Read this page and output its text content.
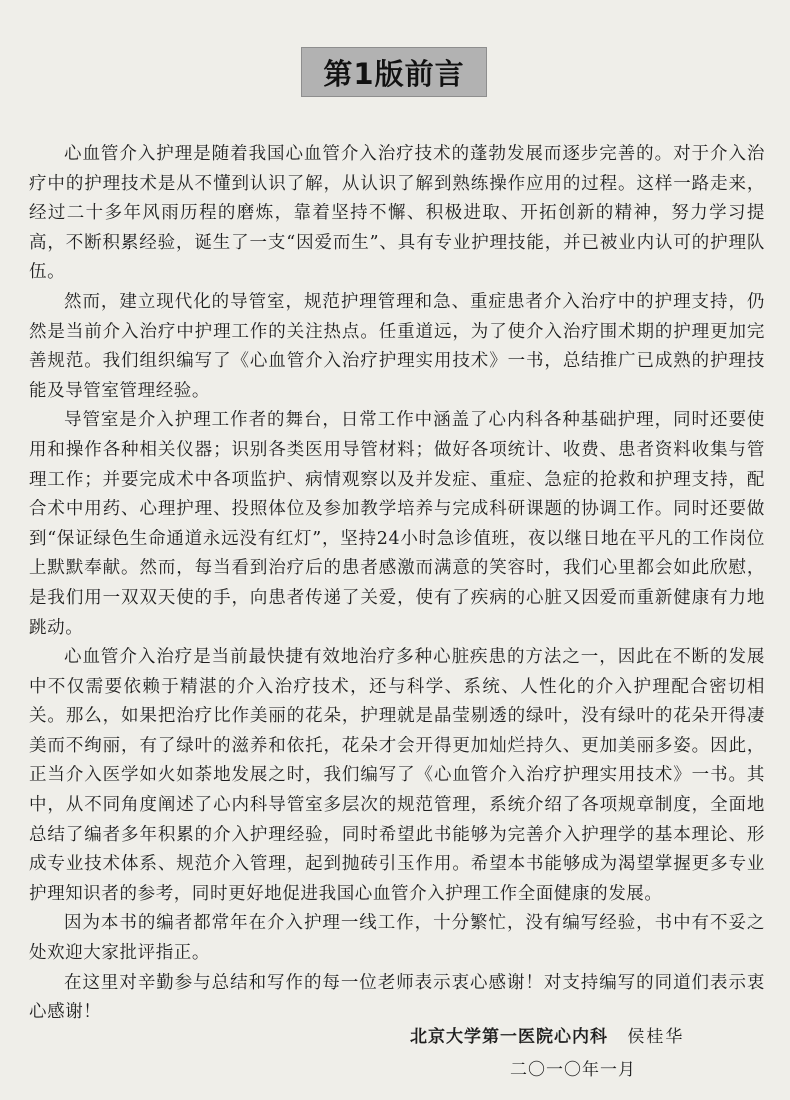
第1版前言

心血管介入护理是随着我国心血管介入治疗技术的蓬勃发展而逐步完善的。对于介入治疗中的护理技术是从不懂到认识了解，从认识了解到熟练操作应用的过程。这样一路走来，经过二十多年风雨历程的磨炼，靠着坚持不懈、积极进取、开拓创新的精神，努力学习提高，不断积累经验，诞生了一支“因爱而生”、具有专业护理技能，并已被业内认可的护理队伍。

然而，建立现代化的导管室，规范护理管理和急、重症患者介入治疗中的护理支持，仍然是当前介入治疗中护理工作的关注热点。任重道远，为了使介入治疗围术期的护理更加完善规范。我们组织编写了《心血管介入治疗护理实用技术》一书，总结推广已成熟的护理技能及导管室管理经验。

导管室是介入护理工作者的舞台，日常工作中涵盖了心内科各种基础护理，同时还要使用和操作各种相关仪器；识别各类医用导管材料；做好各项统计、收费、患者资料收集与管理工作；并要完成术中各项监护、病情观察以及并发症、重症、急症的抢救和护理支持，配合术中用药、心理护理、投照体位及参加教学培养与完成科研课题的协调工作。同时还要做到“保证绿色生命通道永远没有红灯”，坚持24小时急诊值班，夜以继日地在平凡的工作岗位上默默奉献。然而，每当看到治疗后的患者感激而满意的笑容时，我们心里都会如此欣慰，是我们用一双双天使的手，向患者传递了关爱，使有了疾病的心脏又因爱而重新健康有力地跳动。

心血管介入治疗是当前最快捷有效地治疗多种心脏疾患的方法之一，因此在不断的发展中不仅需要依赖于精湛的介入治疗技术，还与科学、系统、人性化的介入护理配合密切相关。那么，如果把治疗比作美丽的花朵，护理就是晶莹剔透的绿叶，没有绿叶的花朵开得凄美而不绚丽，有了绿叶的滋养和依托，花朵才会开得更加灿烂持久、更加美丽多姿。因此，正当介入医学如火如荼地发展之时，我们编写了《心血管介入治疗护理实用技术》一书。其中，从不同角度阐述了心内科导管室多层次的规范管理，系统介绍了各项规章制度，全面地总结了编者多年积累的介入护理经验，同时希望此书能够为完善介入护理学的基本理论、形成专业技术体系、规范介入管理，起到抛砖引玉作用。希望本书能够成为渴望掌握更多专业护理知识者的参考，同时更好地促进我国心血管介入护理工作全面健康的发展。

因为本书的编者都常年在介入护理一线工作，十分繁忙，没有编写经验，书中有不妥之处欢迎大家批评指正。

在这里对辛勤参与总结和写作的每一位老师表示衷心感谢！对支持编写的同道们表示衷心感谢！

北京大学第一医院心内科 侯桂华
二〇一〇年一月
